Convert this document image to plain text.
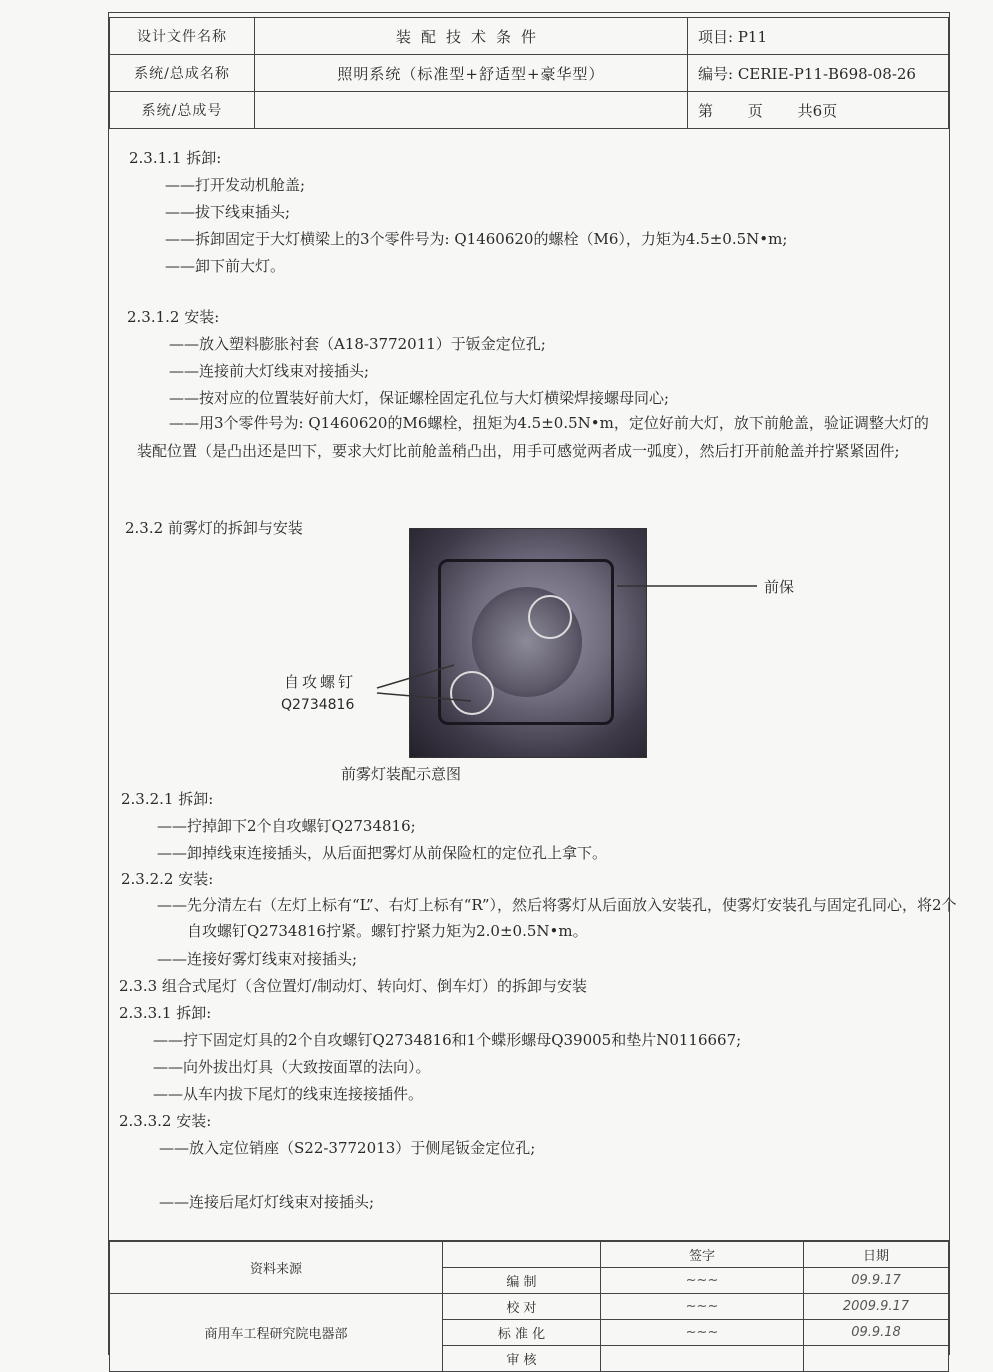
设计文件名称	装配技术条件	项目: P11
系统/总成名称	照明系统（标准型+舒适型+豪华型）	编号: CERIE-P11-B698-08-26
系统/总成号		第 页 共6页
2.3.1.1 拆卸:
——打开发动机舱盖;
——拔下线束插头;
——拆卸固定于大灯横梁上的3个零件号为: Q1460620的螺栓（M6），力矩为4.5±0.5N•m;
——卸下前大灯。
2.3.1.2 安装:
——放入塑料膨胀衬套（A18-3772011）于钣金定位孔;
——连接前大灯线束对接插头;
——按对应的位置装好前大灯，保证螺栓固定孔位与大灯横梁焊接螺母同心;
——用3个零件号为: Q1460620的M6螺栓，扭矩为4.5±0.5N•m，定位好前大灯，放下前舱盖，验证调整大灯的装配位置（是凸出还是凹下，要求大灯比前舱盖稍凸出，用手可感觉两者成一弧度），然后打开前舱盖并拧紧紧固件;
2.3.2 前雾灯的拆卸与安装
前保
自攻螺钉
Q2734816
前雾灯装配示意图
2.3.2.1 拆卸:
——拧掉卸下2个自攻螺钉Q2734816;
——卸掉线束连接插头，从后面把雾灯从前保险杠的定位孔上拿下。
2.3.2.2 安装:
——先分清左右（左灯上标有“L”、右灯上标有“R”），然后将雾灯从后面放入安装孔，使雾灯安装孔与固定孔同心，将2个自攻螺钉Q2734816拧紧。螺钉拧紧力矩为2.0±0.5N•m。
——连接好雾灯线束对接插头;
2.3.3 组合式尾灯（含位置灯/制动灯、转向灯、倒车灯）的拆卸与安装
2.3.3.1 拆卸:
——拧下固定灯具的2个自攻螺钉Q2734816和1个蝶形螺母Q39005和垫片N0116667;
——向外拔出灯具（大致按面罩的法向）。
——从车内拔下尾灯的线束连接接插件。
2.3.3.2 安装:
——放入定位销座（S22-3772013）于侧尾钣金定位孔;
——连接后尾灯灯线束对接插头;
资料来源		签字	日期
	编 制	~~~	09.9.17
商用车工程研究院电器部	校 对	~~~	2009.9.17
	标 准 化	~~~	09.9.18
	审 核		
